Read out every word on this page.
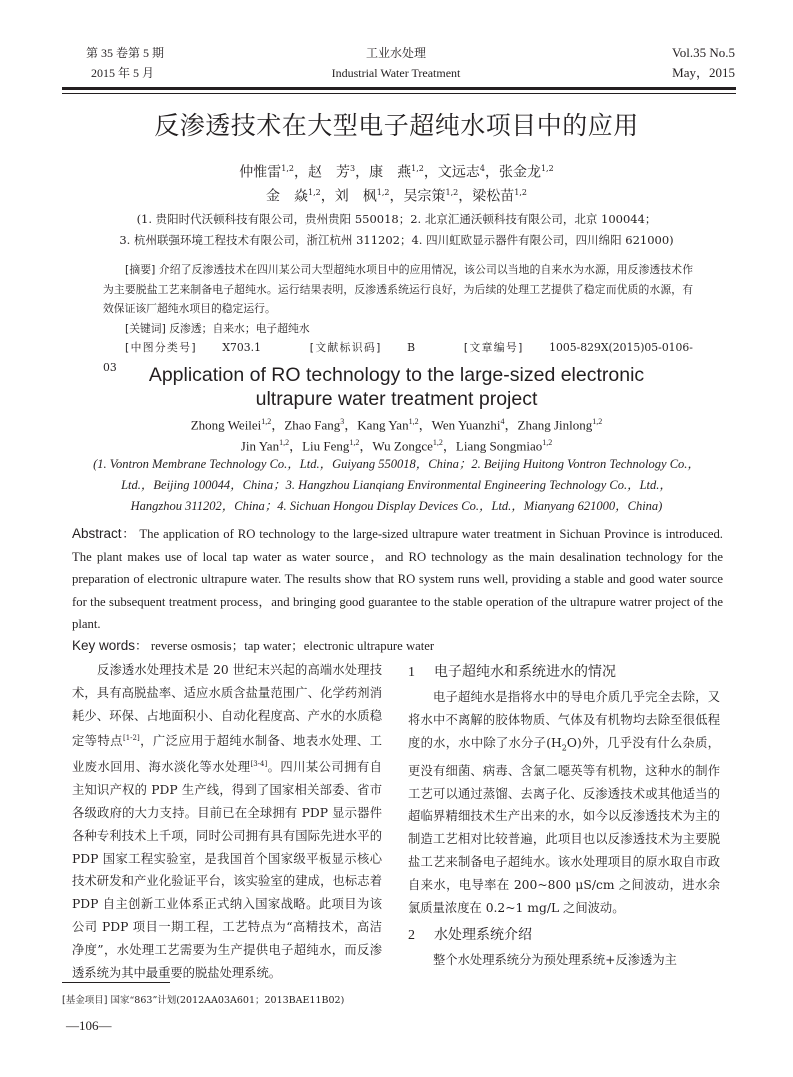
第 35 卷第 5 期
2015 年 5 月
工业水处理
Industrial Water Treatment
Vol.35 No.5
May，2015
反渗透技术在大型电子超纯水项目中的应用
仲惟雷$^{1,2}$，赵　芳$^3$，康　燕$^{1,2}$，文远志$^4$，张金龙$^{1,2}$
金　焱$^{1,2}$，刘　枫$^{1,2}$，吴宗策$^{1,2}$，梁松苗$^{1,2}$
(1. 贵阳时代沃顿科技有限公司，贵州贵阳 550018；2. 北京汇通沃顿科技有限公司，北京 100044；
3. 杭州联强环境工程技术有限公司，浙江杭州 311202；4. 四川虹欧显示器件有限公司，四川绵阳 621000)
[摘要] 介绍了反渗透技术在四川某公司大型超纯水项目中的应用情况，该公司以当地的自来水为水源，用反渗透技术作为主要脱盐工艺来制备电子超纯水。运行结果表明，反渗透系统运行良好，为后续的处理工艺提供了稳定而优质的水源，有效保证该厂超纯水项目的稳定运行。
[关键词] 反渗透；自来水；电子超纯水
[中图分类号] X703.1	[文献标识码] B	[文章编号] 1005-829X(2015)05-0106-03	Application of RO technology to the large-sized electronic
ultrapure water treatment project
Zhong Weilei$^{1,2}$，Zhao Fang$^3$，Kang Yan$^{1,2}$，Wen Yuanzhi$^4$，Zhang Jinlong$^{1,2}$
Jin Yan$^{1,2}$，Liu Feng$^{1,2}$，Wu Zongce$^{1,2}$，Liang Songmiao$^{1,2}$
(1. Vontron Membrane Technology Co.，Ltd.，Guiyang 550018，China；2. Beijing Huitong Vontron Technology Co.，
Ltd.，Beijing 100044，China；3. Hangzhou Lianqiang Environmental Engineering Technology Co.，Ltd.，
Hangzhou 311202，China；4. Sichuan Hongou Display Devices Co.，Ltd.，Mianyang 621000，China)
Abstract： The application of RO technology to the large-sized ultrapure water treatment in Sichuan Province is introduced. The plant makes use of local tap water as water source，and RO technology as the main desalination technology for the preparation of electronic ultrapure water. The results show that RO system runs well, providing a stable and good water source for the subsequent treatment process，and bringing good guarantee to the stable operation of the ultrapure watrer project of the plant.
Key words： reverse osmosis；tap water；electronic ultrapure water

反渗透水处理技术是 20 世纪末兴起的高端水处理技术，具有高脱盐率、适应水质含盐量范围广、化学药剂消耗少、环保、占地面积小、自动化程度高、产水的水质稳定等特点[1-2]，广泛应用于超纯水制备、地表水处理、工业废水回用、海水淡化等水处理[3-4]。四川某公司拥有自主知识产权的 PDP 生产线，得到了国家相关部委、省市各级政府的大力支持。目前已在全球拥有 PDP 显示器件各种专利技术上千项，同时公司拥有具有国际先进水平的 PDP 国家工程实验室，是我国首个国家级平板显示核心技术研发和产业化验证平台，该实验室的建成，也标志着 PDP 自主创新工业体系正式纳入国家战略。此项目为该公司 PDP 项目一期工程，工艺特点为“高精技术，高洁净度”，水处理工艺需要为生产提供电子超纯水，而反渗透系统为其中最重要的脱盐处理系统。

1 电子超纯水和系统进水的情况

电子超纯水是指将水中的导电介质几乎完全去除，又将水中不离解的胶体物质、气体及有机物均去除至很低程度的水，水中除了水分子$(H_2O)$外，几乎没有什么杂质，更没有细菌、病毒、含氯二噁英等有机物，这种水的制作工艺可以通过蒸馏、去离子化、反渗透技术或其他适当的超临界精细技术生产出来的水，如今以反渗透技术为主的制造工艺相对比较普遍，此项目也以反渗透技术为主要脱盐工艺来制备电子超纯水。该水处理项目的原水取自市政自来水，电导率在 200~800 μS/cm 之间波动，进水余氯质量浓度在 0.2~1 mg/L 之间波动。

2 水处理系统介绍

整个水处理系统分为预处理系统+反渗透为主

[基金项目] 国家“863”计划(2012AA03A601；2013BAE11B02)
—106—
